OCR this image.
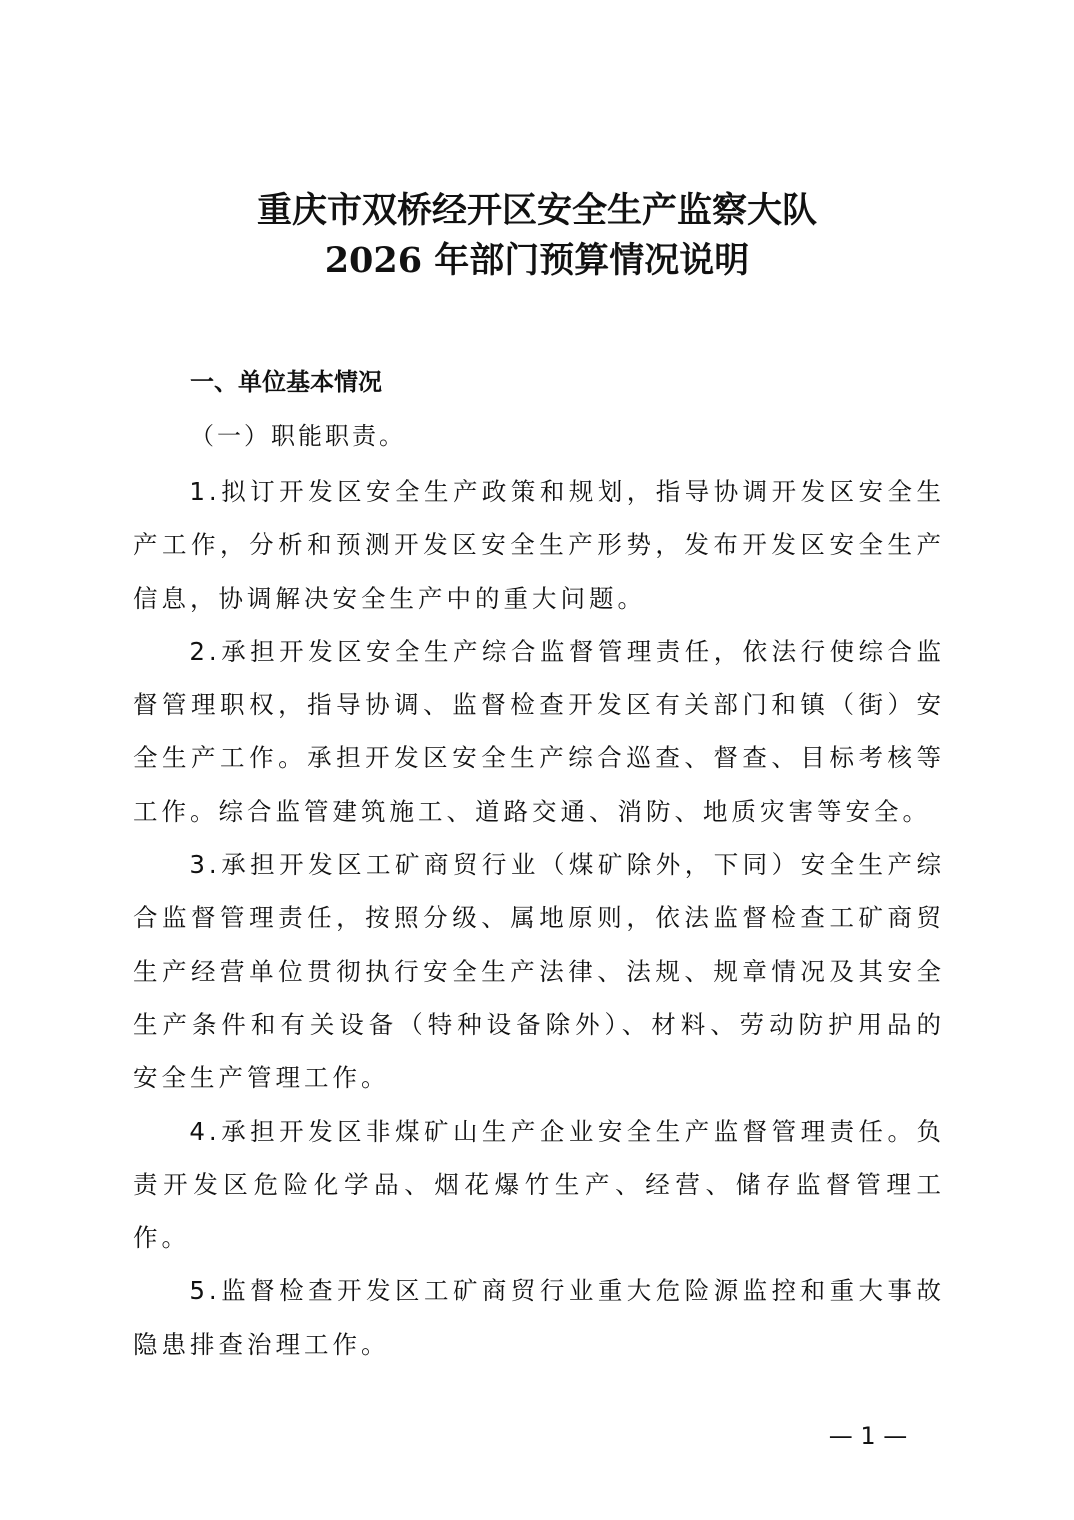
重庆市双桥经开区安全生产监察大队
2026 年部门预算情况说明
一、单位基本情况
（一）职能职责。

1.拟订开发区安全生产政策和规划，指导协调开发区安全生产工作，分析和预测开发区安全生产形势，发布开发区安全生产信息，协调解决安全生产中的重大问题。

2.承担开发区安全生产综合监督管理责任，依法行使综合监督管理职权，指导协调、监督检查开发区有关部门和镇（街）安全生产工作。承担开发区安全生产综合巡查、督查、目标考核等工作。综合监管建筑施工、道路交通、消防、地质灾害等安全。

3.承担开发区工矿商贸行业（煤矿除外，下同）安全生产综合监督管理责任，按照分级、属地原则，依法监督检查工矿商贸生产经营单位贯彻执行安全生产法律、法规、规章情况及其安全生产条件和有关设备（特种设备除外）、材料、劳动防护用品的安全生产管理工作。

4.承担开发区非煤矿山生产企业安全生产监督管理责任。负责开发区危险化学品、烟花爆竹生产、经营、储存监督管理工作。

5.监督检查开发区工矿商贸行业重大危险源监控和重大事故隐患排查治理工作。

— 1 —
